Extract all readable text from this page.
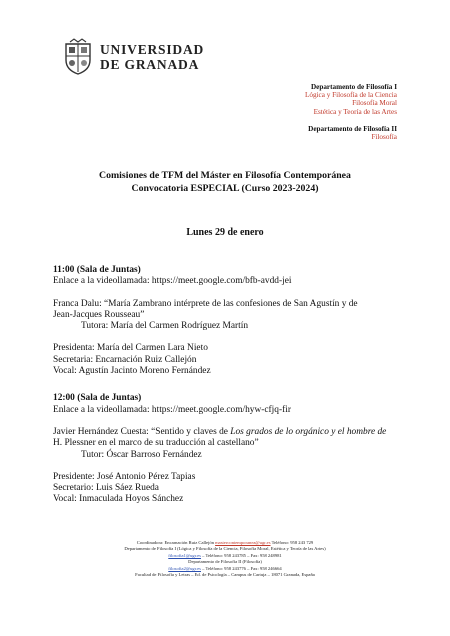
UNIVERSIDAD
DE GRANADA
Departamento de Filosofía I
Lógica y Filosofía de la Ciencia
Filosofía Moral
Estética y Teoría de las Artes
Departamento de Filosofía II
Filosofía
Comisiones de TFM del Máster en Filosofía Contemporánea
Convocatoria ESPECIAL (Curso 2023-2024)
Lunes 29 de enero
11:00 (Sala de Juntas)
Enlace a la videollamada: https://meet.google.com/bfb-avdd-jei
Franca Dalu: “María Zambrano intérprete de las confesiones de San Agustín y de
Jean-Jacques Rousseau”
Tutora: María del Carmen Rodríguez Martín
Presidenta: María del Carmen Lara Nieto
Secretaria: Encarnación Ruiz Callejón
Vocal: Agustín Jacinto Moreno Fernández
12:00 (Sala de Juntas)
Enlace a la videollamada: https://meet.google.com/hyw-cfjq-fir
Javier Hernández Cuesta: “Sentido y claves de Los grados de lo orgánico y el hombre de
H. Plessner en el marco de su traducción al castellano”
Tutor: Óscar Barroso Fernández
Presidente: José Antonio Pérez Tapias
Secretario: Luis Sáez Rueda
Vocal: Inmaculada Hoyos Sánchez
Coordinadora: Encarnación Ruiz Callejón mastercontemporanea@ugr.es Teléfono: 958 243 729
Departamento de Filosofía I (Lógica y Filosofía de la Ciencia, Filosofía Moral, Estética y Teoría de las Artes)
filosofia1@ugr.es – Teléfono: 958 243785 – Fax: 958 248981
Departamento de Filosofía II (Filosofía)
filosofia2@ugr.es – Teléfono: 958 243776 – Fax: 958 246664
Facultad de Filosofía y Letras – Ed. de Psicología – Campus de Cartuja – 18071 Granada, España
